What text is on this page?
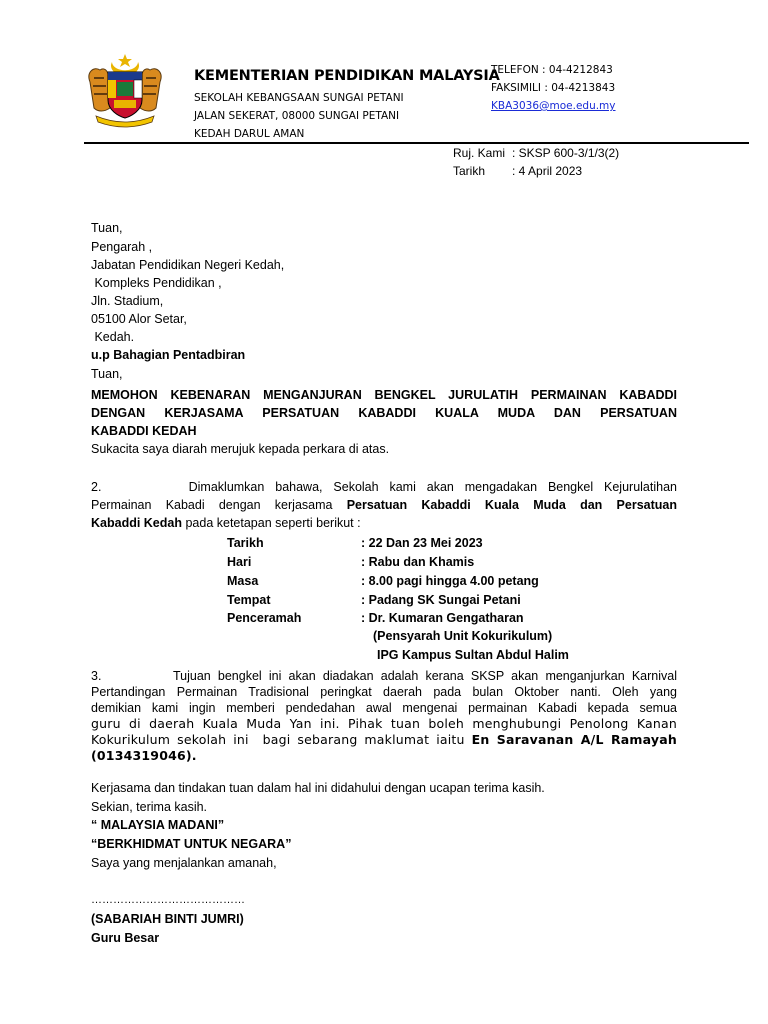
KEMENTERIAN PENDIDIKAN MALAYSIA
SEKOLAH KEBANGSAAN SUNGAI PETANI
JALAN SEKERAT, 08000 SUNGAI PETANI
KEDAH DARUL AMAN
TELEFON : 04-4212843
FAKSIMILI : 04-4213843
KBA3036@moe.edu.my
Ruj. Kami : SKSP 600-3/1/3(2)
Tarikh : 4 April 2023
Tuan,
Pengarah ,
Jabatan Pendidikan Negeri Kedah,
Kompleks Pendidikan ,
Jln. Stadium,
05100 Alor Setar,
Kedah.
u.p Bahagian Pentadbiran
Tuan,
MEMOHON KEBENARAN MENGANJURAN BENGKEL JURULATIH PERMAINAN KABADDI
DENGAN KERJASAMA PERSATUAN KABADDI KUALA MUDA DAN PERSATUAN
KABADDI KEDAH
Sukacita saya diarah merujuk kepada perkara di atas.
2.        Dimaklumkan bahawa, Sekolah kami akan mengadakan Bengkel Kejurulatihan
Permainan Kabadi dengan kerjasama Persatuan Kabaddi Kuala Muda dan Persatuan
Kabaddi Kedah pada ketetapan seperti berikut :
Tarikh	: 22 Dan 23 Mei 2023
Hari	: Rabu dan Khamis
Masa	: 8.00 pagi hingga 4.00 petang
Tempat	: Padang SK Sungai Petani
Penceramah	: Dr. Kumaran Gengatharan
(Pensyarah Unit Kokurikulum)
IPG Kampus Sultan Abdul Halim
3.          Tujuan bengkel ini akan diadakan adalah kerana SKSP akan menganjurkan Karnival
Pertandingan Permainan Tradisional peringkat daerah pada bulan Oktober nanti. Oleh yang
demikian kami ingin memberi pendedahan awal mengenai permainan Kabadi kepada semua
guru di daerah Kuala Muda Yan ini. Pihak tuan boleh menghubungi Penolong Kanan
Kokurikulum sekolah ini  bagi sebarang maklumat iaitu En Saravanan A/L Ramayah
(0134319046).
Kerjasama dan tindakan tuan dalam hal ini didahului dengan ucapan terima kasih.
Sekian, terima kasih.
“ MALAYSIA MADANI”
“BERKHIDMAT UNTUK NEGARA”
Saya yang menjalankan amanah,
……………………………………
(SABARIAH BINTI JUMRI)
Guru Besar
